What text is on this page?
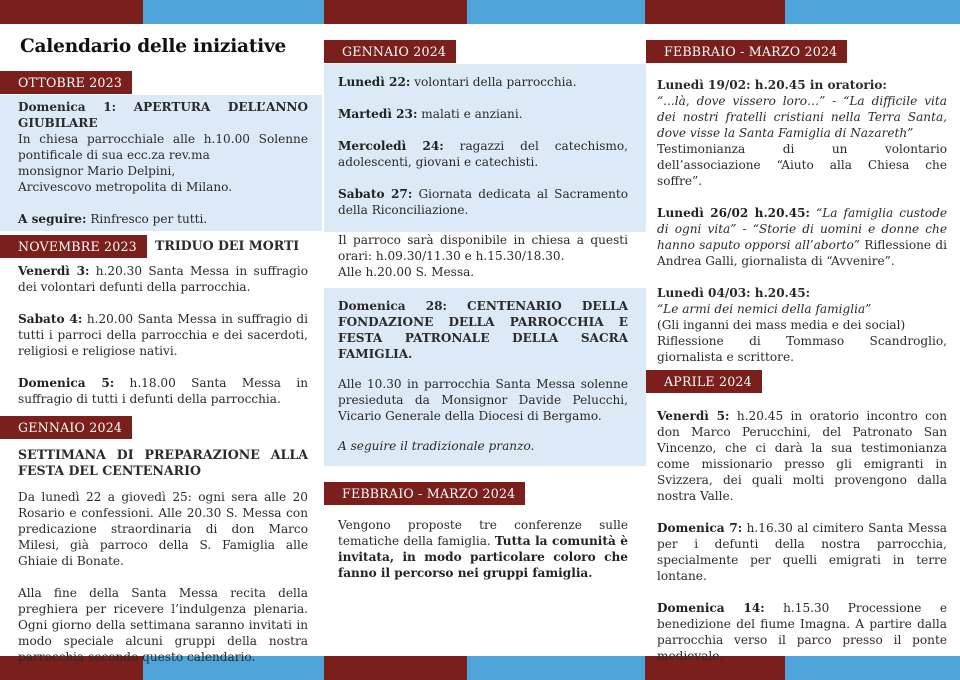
Calendario delle iniziative
OTTOBRE 2023
Domenica 1: APERTURA DELL’ANNO GIUBILARE
In chiesa parrocchiale alle h.10.00 Solenne pontificale di sua ecc.za rev.ma
monsignor Mario Delpini,
Arcivescovo metropolita di Milano.
A seguire: Rinfresco per tutti.
NOVEMBRE 2023	TRIDUO DEI MORTI
Venerdì 3: h.20.30 Santa Messa in suffragio dei volontari defunti della parrocchia.
Sabato 4: h.20.00 Santa Messa in suffragio di tutti i parroci della parrocchia e dei sacerdoti, religiosi e religiose nativi.
Domenica 5: h.18.00 Santa Messa in suffragio di tutti i defunti della parrocchia.
GENNAIO 2024
SETTIMANA DI PREPARAZIONE ALLA FESTA DEL CENTENARIO
Da lunedì 22 a giovedì 25: ogni sera alle 20 Rosario e confessioni. Alle 20.30 S. Messa con predicazione straordinaria di don Marco Milesi, già parroco della S. Famiglia alle Ghiaie di Bonate.
Alla fine della Santa Messa recita della preghiera per ricevere l’indulgenza plenaria. Ogni giorno della settimana saranno invitati in modo speciale alcuni gruppi della nostra parrocchia secondo questo calendario.
GENNAIO 2024
Lunedì 22: volontari della parrocchia.
Martedì 23: malati e anziani.
Mercoledì 24: ragazzi del catechismo, adolescenti, giovani e catechisti.
Sabato 27: Giornata dedicata al Sacramento della Riconciliazione.
Il parroco sarà disponibile in chiesa a questi orari: h.09.30/11.30 e h.15.30/18.30.
Alle h.20.00 S. Messa.
Domenica 28: CENTENARIO DELLA FONDAZIONE DELLA PARROCCHIA E FESTA PATRONALE DELLA SACRA FAMIGLIA.
Alle 10.30 in parrocchia Santa Messa solenne presieduta da Monsignor Davide Pelucchi, Vicario Generale della Diocesi di Bergamo.
A seguire il tradizionale pranzo.
FEBBRAIO - MARZO 2024
Vengono proposte tre conferenze sulle tematiche della famiglia. Tutta la comunità è invitata, in modo particolare coloro che fanno il percorso nei gruppi famiglia.
FEBBRAIO - MARZO 2024
Lunedì 19/02: h.20.45 in oratorio:
“...là, dove vissero loro…” - “La difficile vita dei nostri fratelli cristiani nella Terra Santa, dove visse la Santa Famiglia di Nazareth”
Testimonianza di un volontario dell’associazione “Aiuto alla Chiesa che soffre”.
Lunedì 26/02 h.20.45: “La famiglia custode di ogni vita” - “Storie di uomini e donne che hanno saputo opporsi all’aborto” Riflessione di Andrea Galli, giornalista di “Avvenire”.
Lunedì 04/03: h.20.45:
“Le armi dei nemici della famiglia”
(Gli inganni dei mass media e dei social)
Riflessione di Tommaso Scandroglio, giornalista e scrittore.
APRILE 2024
Venerdì 5: h.20.45 in oratorio incontro con don Marco Perucchini, del Patronato San Vincenzo, che ci darà la sua testimonianza come missionario presso gli emigranti in Svizzera, dei quali molti provengono dalla nostra Valle.
Domenica 7: h.16.30 al cimitero Santa Messa per i defunti della nostra parrocchia, specialmente per quelli emigrati in terre lontane.
Domenica 14: h.15.30 Processione e benedizione del fiume Imagna. A partire dalla parrocchia verso il parco presso il ponte medievale.
